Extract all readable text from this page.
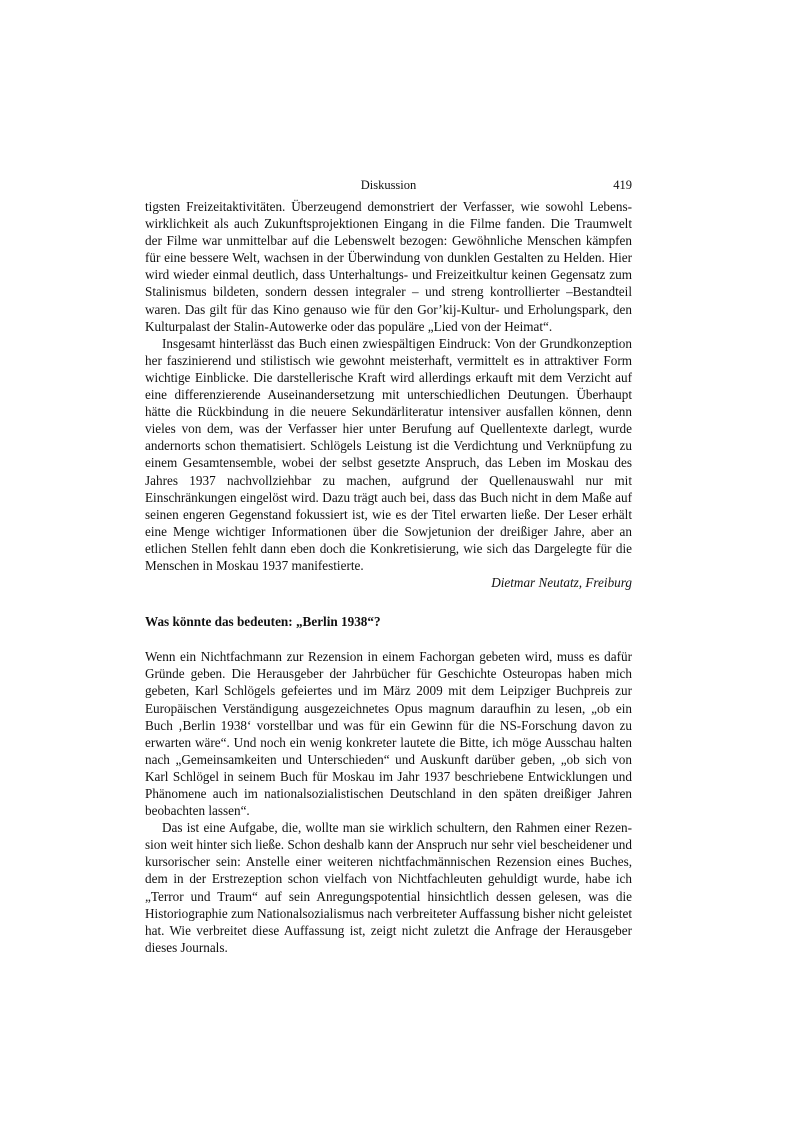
Diskussion	419

tigsten Freizeitaktivitäten. Überzeugend demonstriert der Verfasser, wie sowohl Lebenswirklichkeit als auch Zukunftsprojektionen Eingang in die Filme fanden. Die Traumwelt der Filme war unmittelbar auf die Lebenswelt bezogen: Gewöhnliche Menschen kämpfen für eine bessere Welt, wachsen in der Überwindung von dunklen Gestalten zu Helden. Hier wird wieder einmal deutlich, dass Unterhaltungs- und Freizeitkultur keinen Gegensatz zum Stalinismus bildeten, sondern dessen integraler – und streng kontrollierter –Bestandteil waren. Das gilt für das Kino genauso wie für den Gor’kij-Kultur- und Erholungspark, den Kulturpalast der Stalin-Autowerke oder das populäre „Lied von der Heimat“.

Insgesamt hinterlässt das Buch einen zwiespältigen Eindruck: Von der Grundkonzeption her faszinierend und stilistisch wie gewohnt meisterhaft, vermittelt es in attraktiver Form wichtige Einblicke. Die darstellerische Kraft wird allerdings erkauft mit dem Verzicht auf eine differenzierende Auseinandersetzung mit unterschiedlichen Deutungen. Überhaupt hätte die Rückbindung in die neuere Sekundärliteratur intensiver ausfallen können, denn vieles von dem, was der Verfasser hier unter Berufung auf Quellentexte darlegt, wurde andernorts schon thematisiert. Schlögels Leistung ist die Verdichtung und Verknüpfung zu einem Gesamtensemble, wobei der selbst gesetzte Anspruch, das Leben im Moskau des Jahres 1937 nachvollziehbar zu machen, aufgrund der Quellenauswahl nur mit Einschränkungen eingelöst wird. Dazu trägt auch bei, dass das Buch nicht in dem Maße auf seinen engeren Gegenstand fokussiert ist, wie es der Titel erwarten ließe. Der Leser erhält eine Menge wichtiger Informationen über die Sowjetunion der dreißiger Jahre, aber an etlichen Stellen fehlt dann eben doch die Konkretisierung, wie sich das Dargelegte für die Menschen in Moskau 1937 manifestierte.

Dietmar Neutatz, Freiburg

Was könnte das bedeuten: „Berlin 1938“?

Wenn ein Nichtfachmann zur Rezension in einem Fachorgan gebeten wird, muss es dafür Gründe geben. Die Herausgeber der Jahrbücher für Geschichte Osteuropas haben mich gebeten, Karl Schlögels gefeiertes und im März 2009 mit dem Leipziger Buchpreis zur Europäischen Verständigung ausgezeichnetes Opus magnum daraufhin zu lesen, „ob ein Buch ‚Berlin 1938‘ vorstellbar und was für ein Gewinn für die NS-Forschung davon zu erwarten wäre“. Und noch ein wenig konkreter lautete die Bitte, ich möge Ausschau halten nach „Gemeinsamkeiten und Unterschieden“ und Auskunft darüber geben, „ob sich von Karl Schlögel in seinem Buch für Moskau im Jahr 1937 beschriebene Entwicklungen und Phänomene auch im nationalsozialistischen Deutschland in den späten dreißiger Jahren beobachten lassen“.

Das ist eine Aufgabe, die, wollte man sie wirklich schultern, den Rahmen einer Rezension weit hinter sich ließe. Schon deshalb kann der Anspruch nur sehr viel bescheidener und kursorischer sein: Anstelle einer weiteren nichtfachmännischen Rezension eines Buches, dem in der Erstrezeption schon vielfach von Nichtfachleuten gehuldigt wurde, habe ich „Terror und Traum“ auf sein Anregungspotential hinsichtlich dessen gelesen, was die Historiographie zum Nationalsozialismus nach verbreiteter Auffassung bisher nicht geleistet hat. Wie verbreitet diese Auffassung ist, zeigt nicht zuletzt die Anfrage der Herausgeber dieses Journals.
